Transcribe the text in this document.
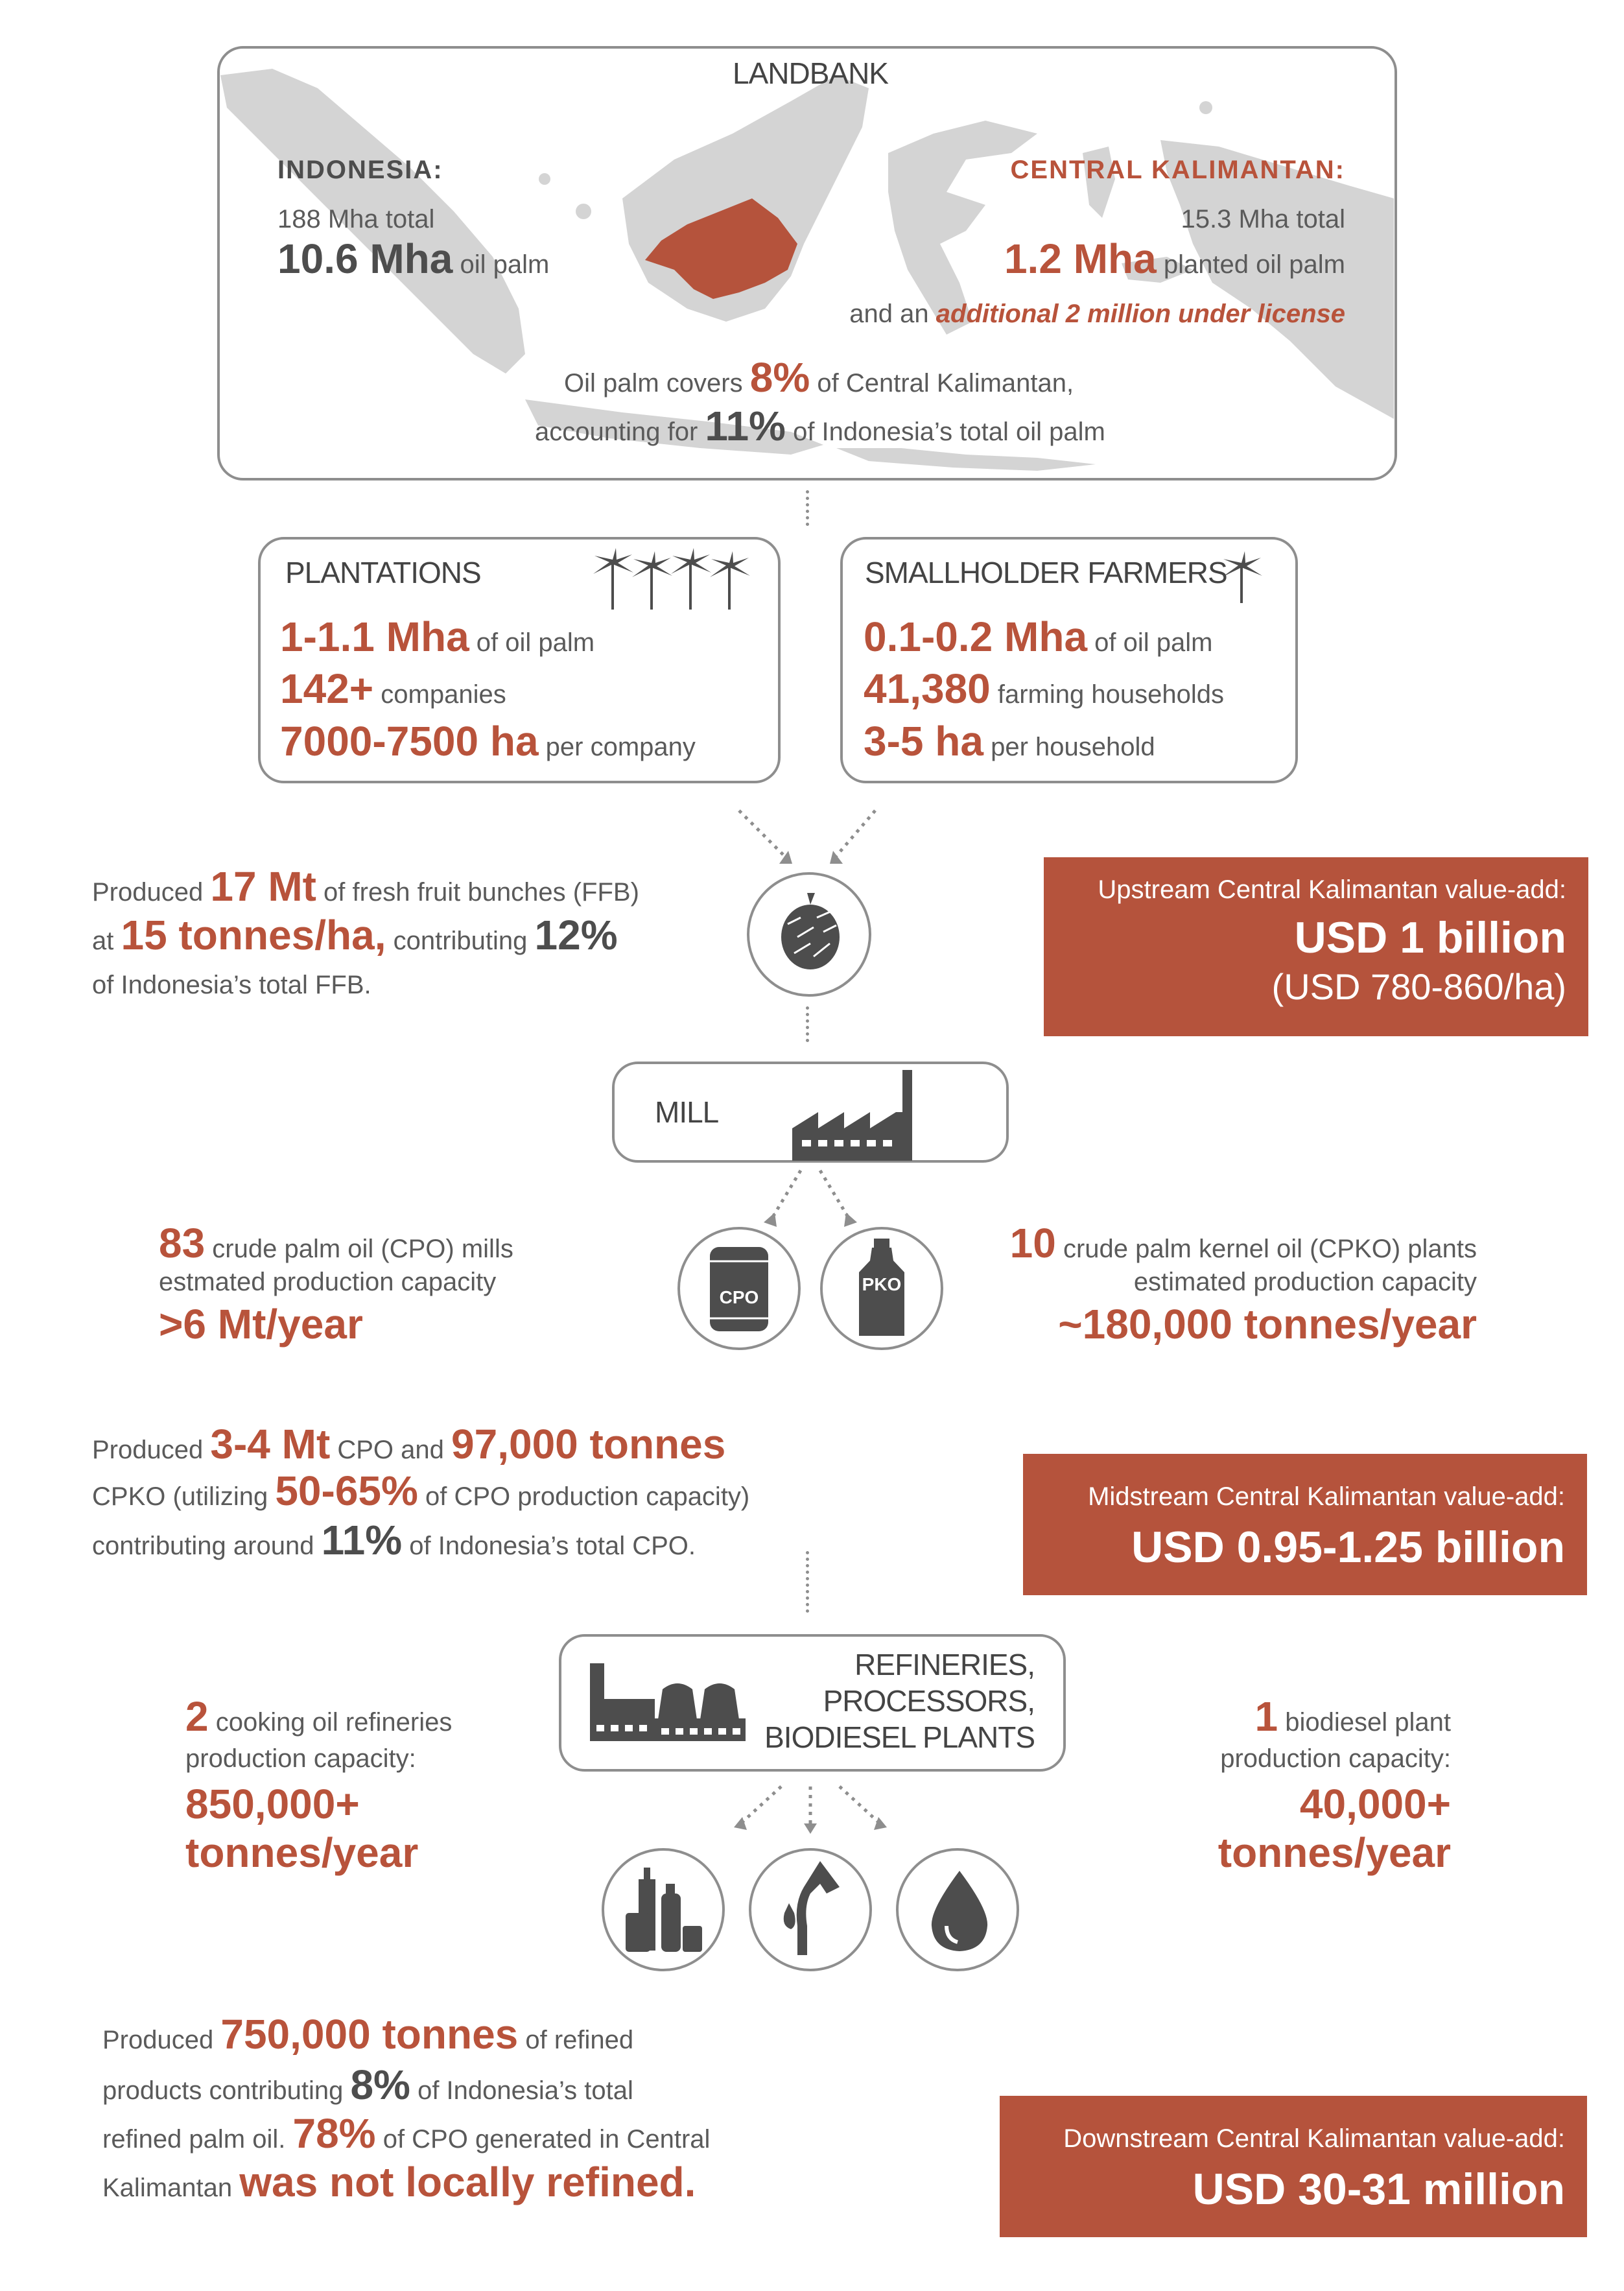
LANDBANK
INDONESIA:
188 Mha total
10.6 Mha oil palm
CENTRAL KALIMANTAN:
15.3 Mha total
1.2 Mha planted oil palm
and an additional 2 million under license
Oil palm covers 8% of Central Kalimantan,
accounting for 11% of Indonesia’s total oil palm
PLANTATIONS
1-1.1 Mha of oil palm
142+ companies
7000-7500 ha per company
SMALLHOLDER FARMERS
0.1-0.2 Mha of oil palm
41,380 farming households
3-5 ha per household
Produced 17 Mt of fresh fruit bunches (FFB)
at 15 tonnes/ha, contributing 12%
of Indonesia’s total FFB.
Upstream Central Kalimantan value-add:
USD 1 billion
(USD 780-860/ha)
MILL
CPO
PKO
83 crude palm oil (CPO) mills
estmated production capacity
>6 Mt/year
10 crude palm kernel oil (CPKO) plants
estimated production capacity
~180,000 tonnes/year
Produced 3-4 Mt CPO and 97,000 tonnes
CPKO (utilizing 50-65% of CPO production capacity)
contributing around 11% of Indonesia’s total CPO.
Midstream Central Kalimantan value-add:
USD 0.95-1.25 billion
REFINERIES,
PROCESSORS,
BIODIESEL PLANTS
2 cooking oil refineries
production capacity:
850,000+
tonnes/year
1 biodiesel plant
production capacity:
40,000+
tonnes/year
Produced 750,000 tonnes of refined
products contributing 8% of Indonesia’s total
refined palm oil. 78% of CPO generated in Central
Kalimantan was not locally refined.
Downstream Central Kalimantan value-add:
USD 30-31 million
